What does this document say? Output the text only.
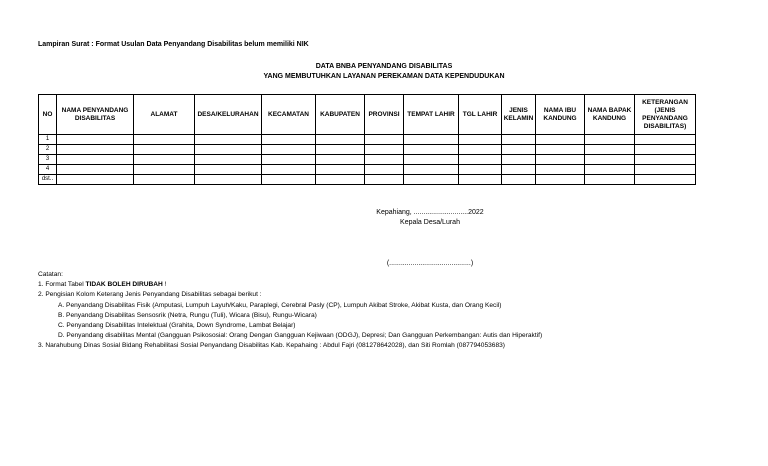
Lampiran Surat : Format Usulan Data Penyandang Disabilitas belum memiliki NIK
DATA BNBA PENYANDANG DISABILITAS
YANG MEMBUTUHKAN LAYANAN PEREKAMAN DATA KEPENDUDUKAN
NO	NAMA PENYANDANG DISABILITAS	ALAMAT	DESA/KELURAHAN	KECAMATAN	KABUPATEN	PROVINSI	TEMPAT LAHIR	TGL LAHIR	JENIS KELAMIN	NAMA IBU KANDUNG	NAMA BAPAK KANDUNG	KETERANGAN (JENIS PENYANDANG DISABILITAS)
1												
2												
3												
4												
dst..												
Kepahiang, ............................2022
Kepala Desa/Lurah
(..........................................)
Catatan:
1. Format Tabel TIDAK BOLEH DIRUBAH !
2. Pengisian Kolom Keterang Jenis Penyandang Disabilitas sebagai berikut :
A. Penyandang Disabilitas Fisik (Amputasi, Lumpuh Layuh/Kaku, Paraplegi, Cerebral Pasly (CP), Lumpuh Akibat Stroke, Akibat Kusta, dan Orang Kecil)
B. Penyandang Disabilitas Sensosrik (Netra, Rungu (Tuli), Wicara (Bisu), Rungu-Wicara)
C. Penyandang Disabilitas Intelektual (Grahita, Down Syndrome, Lambat Belajar)
D. Penyandang disabilitas Mental (Gangguan Psikososial: Orang Dengan Gangguan Kejiwaan (ODGJ), Depresi; Dan Gangguan Perkembangan: Autis dan Hiperaktif)
3. Narahubung Dinas Sosial Bidang Rehabilitasi Sosial Penyandang Disabilitas Kab. Kepahaing : Abdul Fajri (081278642028), dan Siti Romlah (087794053683)
